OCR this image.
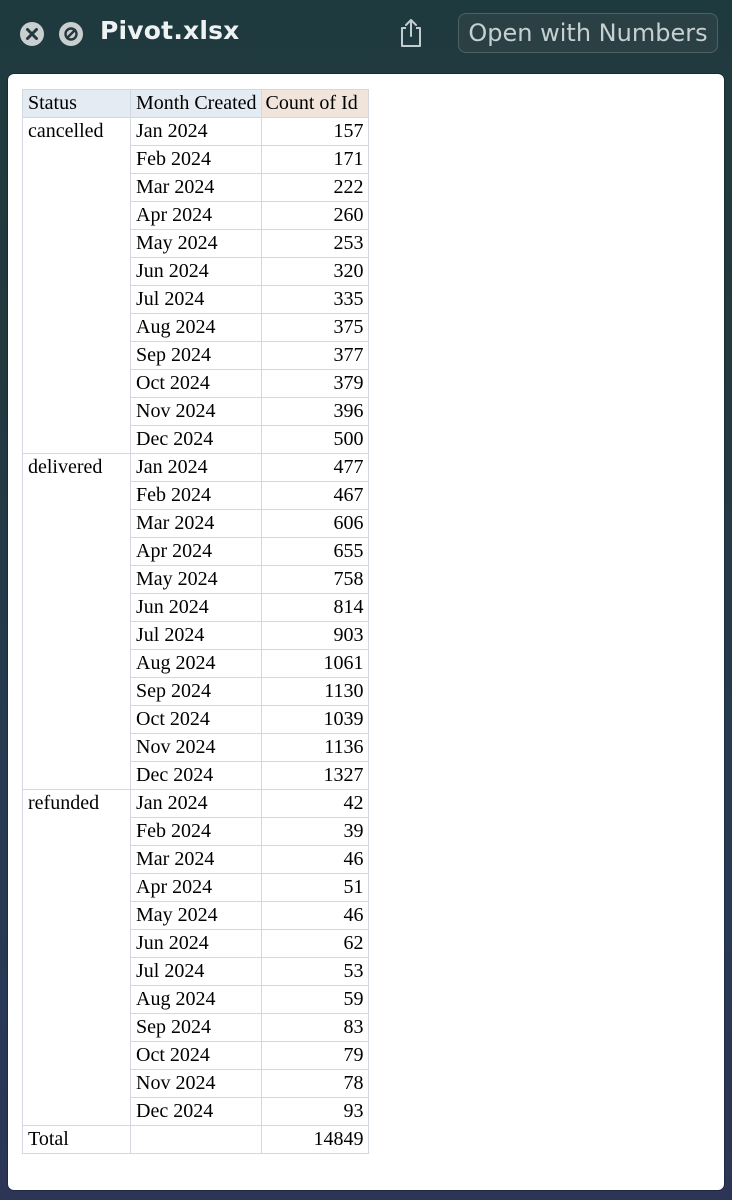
Pivot.xlsx	Open with Numbers
Status	Month Created	Count of Id
cancelled	Jan 2024	157
	Feb 2024	171
	Mar 2024	222
	Apr 2024	260
	May 2024	253
	Jun 2024	320
	Jul 2024	335
	Aug 2024	375
	Sep 2024	377
	Oct 2024	379
	Nov 2024	396
	Dec 2024	500
delivered	Jan 2024	477
	Feb 2024	467
	Mar 2024	606
	Apr 2024	655
	May 2024	758
	Jun 2024	814
	Jul 2024	903
	Aug 2024	1061
	Sep 2024	1130
	Oct 2024	1039
	Nov 2024	1136
	Dec 2024	1327
refunded	Jan 2024	42
	Feb 2024	39
	Mar 2024	46
	Apr 2024	51
	May 2024	46
	Jun 2024	62
	Jul 2024	53
	Aug 2024	59
	Sep 2024	83
	Oct 2024	79
	Nov 2024	78
	Dec 2024	93
Total		14849
